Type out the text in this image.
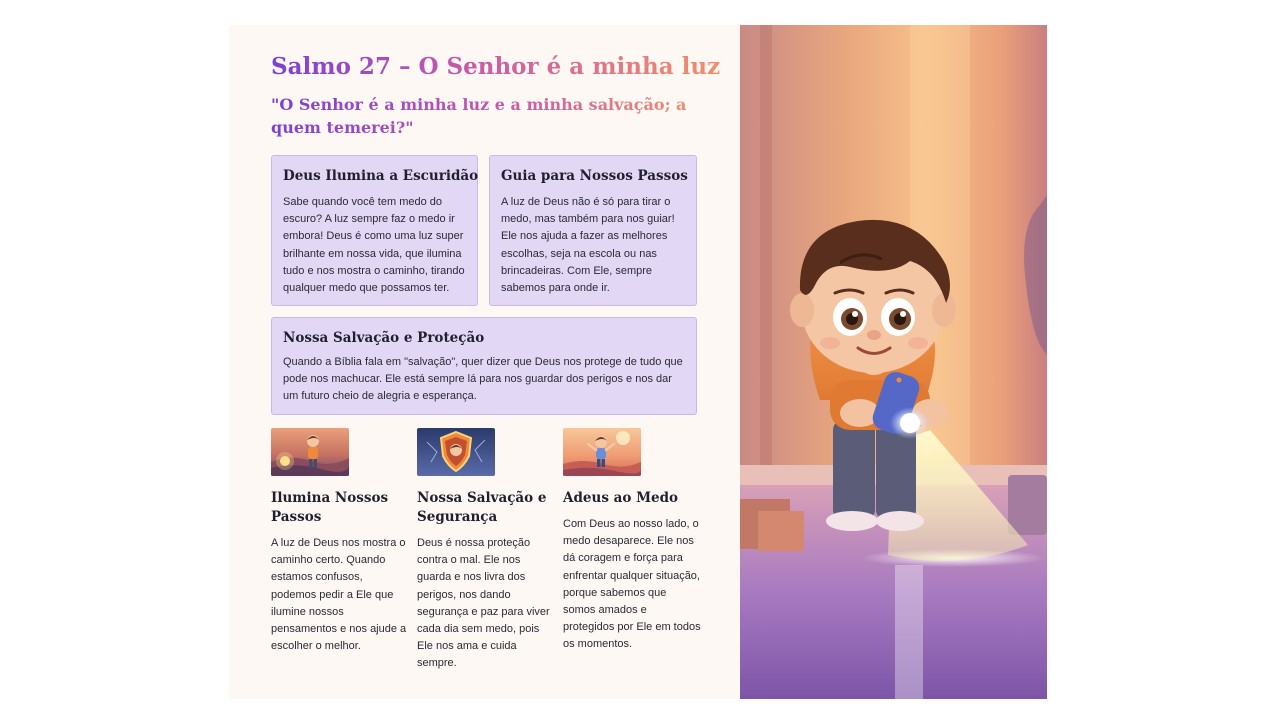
Salmo 27 – O Senhor é a minha luz

"O Senhor é a minha luz e a minha salvação; a quem temerei?"

Deus Ilumina a Escuridão

Sabe quando você tem medo do escuro? A luz sempre faz o medo ir embora! Deus é como uma luz super brilhante em nossa vida, que ilumina tudo e nos mostra o caminho, tirando qualquer medo que possamos ter.

Guia para Nossos Passos

A luz de Deus não é só para tirar o medo, mas também para nos guiar! Ele nos ajuda a fazer as melhores escolhas, seja na escola ou nas brincadeiras. Com Ele, sempre sabemos para onde ir.

Nossa Salvação e Proteção

Quando a Bíblia fala em "salvação", quer dizer que Deus nos protege de tudo que pode nos machucar. Ele está sempre lá para nos guardar dos perigos e nos dar um futuro cheio de alegria e esperança.

Ilumina Nossos Passos

A luz de Deus nos mostra o caminho certo. Quando estamos confusos, podemos pedir a Ele que ilumine nossos pensamentos e nos ajude a escolher o melhor.

Nossa Salvação e Segurança

Deus é nossa proteção contra o mal. Ele nos guarda e nos livra dos perigos, nos dando segurança e paz para viver cada dia sem medo, pois Ele nos ama e cuida sempre.

Adeus ao Medo

Com Deus ao nosso lado, o medo desaparece. Ele nos dá coragem e força para enfrentar qualquer situação, porque sabemos que somos amados e protegidos por Ele em todos os momentos.
